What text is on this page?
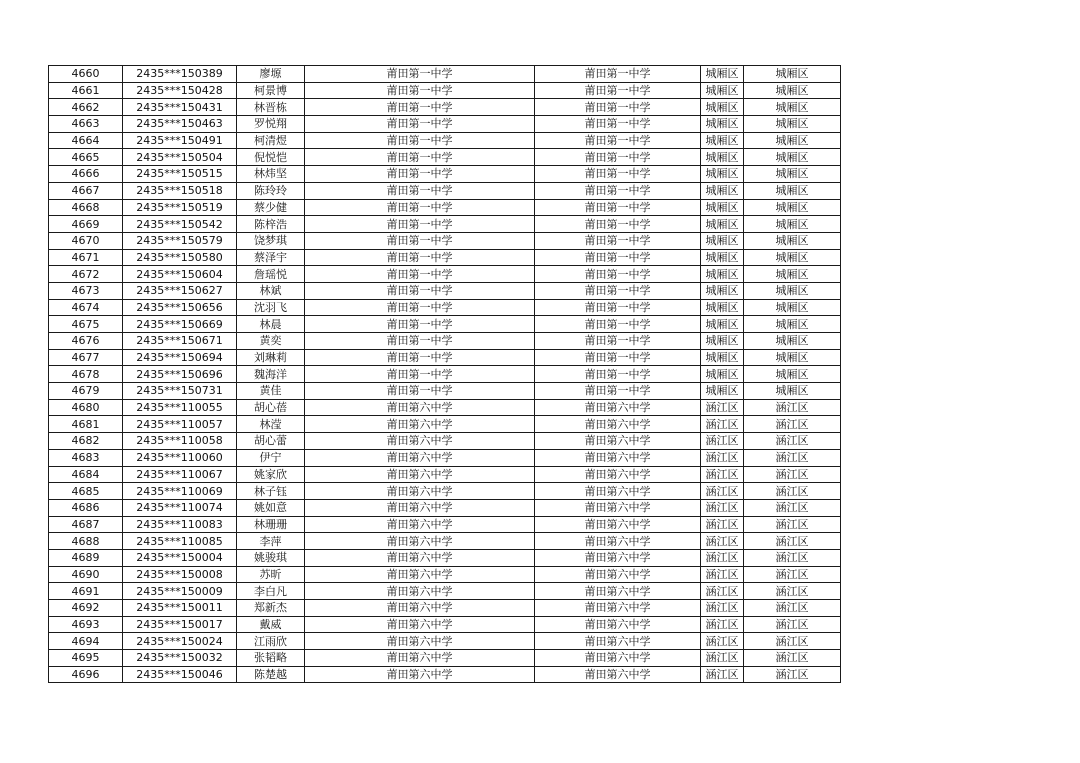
4660	2435***150389	廖塬	莆田第一中学	莆田第一中学	城厢区	城厢区
4661	2435***150428	柯景博	莆田第一中学	莆田第一中学	城厢区	城厢区
4662	2435***150431	林晋栋	莆田第一中学	莆田第一中学	城厢区	城厢区
4663	2435***150463	罗悦翔	莆田第一中学	莆田第一中学	城厢区	城厢区
4664	2435***150491	柯清煜	莆田第一中学	莆田第一中学	城厢区	城厢区
4665	2435***150504	倪悦恺	莆田第一中学	莆田第一中学	城厢区	城厢区
4666	2435***150515	林炜坚	莆田第一中学	莆田第一中学	城厢区	城厢区
4667	2435***150518	陈玲玲	莆田第一中学	莆田第一中学	城厢区	城厢区
4668	2435***150519	蔡少健	莆田第一中学	莆田第一中学	城厢区	城厢区
4669	2435***150542	陈梓浩	莆田第一中学	莆田第一中学	城厢区	城厢区
4670	2435***150579	饶梦琪	莆田第一中学	莆田第一中学	城厢区	城厢区
4671	2435***150580	蔡泽宇	莆田第一中学	莆田第一中学	城厢区	城厢区
4672	2435***150604	詹瑶悦	莆田第一中学	莆田第一中学	城厢区	城厢区
4673	2435***150627	林斌	莆田第一中学	莆田第一中学	城厢区	城厢区
4674	2435***150656	沈羽飞	莆田第一中学	莆田第一中学	城厢区	城厢区
4675	2435***150669	林晨	莆田第一中学	莆田第一中学	城厢区	城厢区
4676	2435***150671	黄奕	莆田第一中学	莆田第一中学	城厢区	城厢区
4677	2435***150694	刘琳莉	莆田第一中学	莆田第一中学	城厢区	城厢区
4678	2435***150696	魏海洋	莆田第一中学	莆田第一中学	城厢区	城厢区
4679	2435***150731	黄佳	莆田第一中学	莆田第一中学	城厢区	城厢区
4680	2435***110055	胡心蓓	莆田第六中学	莆田第六中学	涵江区	涵江区
4681	2435***110057	林滢	莆田第六中学	莆田第六中学	涵江区	涵江区
4682	2435***110058	胡心蕾	莆田第六中学	莆田第六中学	涵江区	涵江区
4683	2435***110060	伊宁	莆田第六中学	莆田第六中学	涵江区	涵江区
4684	2435***110067	姚家欣	莆田第六中学	莆田第六中学	涵江区	涵江区
4685	2435***110069	林子钰	莆田第六中学	莆田第六中学	涵江区	涵江区
4686	2435***110074	姚如意	莆田第六中学	莆田第六中学	涵江区	涵江区
4687	2435***110083	林珊珊	莆田第六中学	莆田第六中学	涵江区	涵江区
4688	2435***110085	李萍	莆田第六中学	莆田第六中学	涵江区	涵江区
4689	2435***150004	姚骏琪	莆田第六中学	莆田第六中学	涵江区	涵江区
4690	2435***150008	苏昕	莆田第六中学	莆田第六中学	涵江区	涵江区
4691	2435***150009	李白凡	莆田第六中学	莆田第六中学	涵江区	涵江区
4692	2435***150011	郑新杰	莆田第六中学	莆田第六中学	涵江区	涵江区
4693	2435***150017	戴威	莆田第六中学	莆田第六中学	涵江区	涵江区
4694	2435***150024	江雨欣	莆田第六中学	莆田第六中学	涵江区	涵江区
4695	2435***150032	张韬略	莆田第六中学	莆田第六中学	涵江区	涵江区
4696	2435***150046	陈楚越	莆田第六中学	莆田第六中学	涵江区	涵江区
